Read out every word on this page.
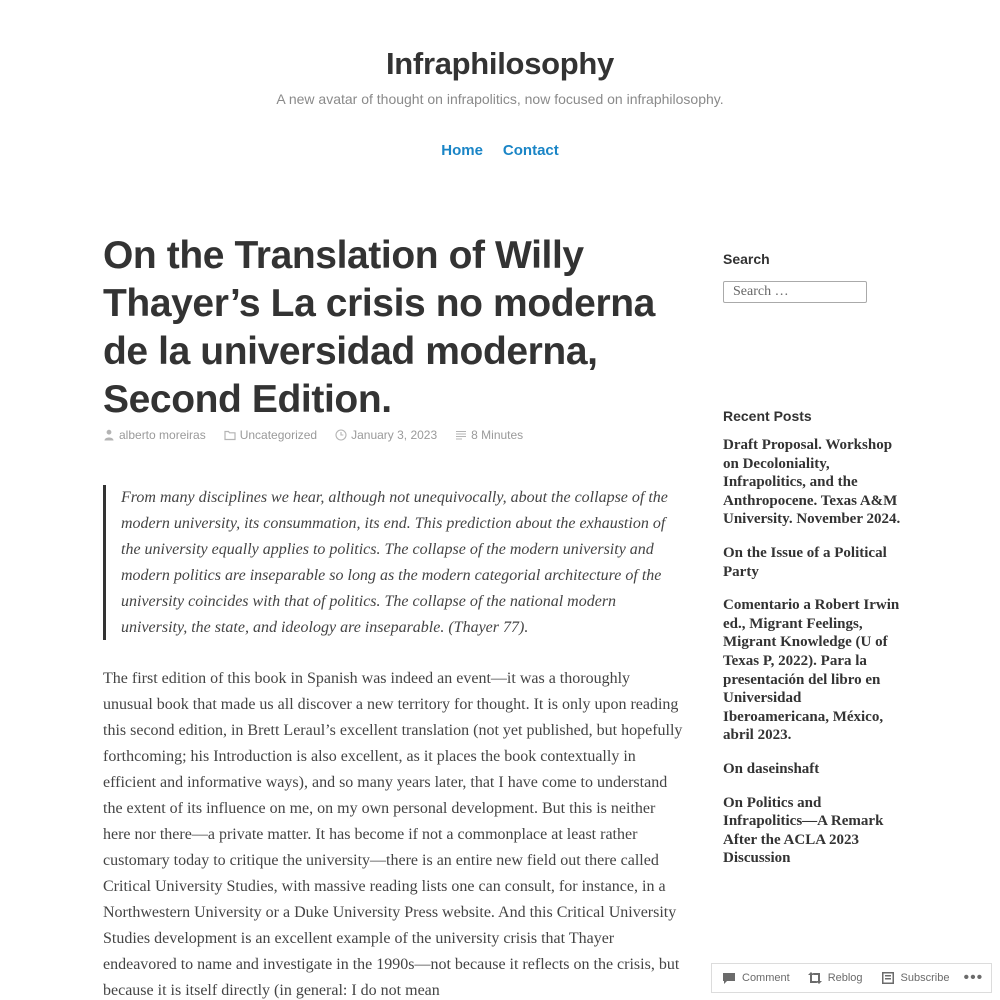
Infraphilosophy

A new avatar of thought on infrapolitics, now focused on infraphilosophy.

Home Contact
On the Translation of Willy Thayer’s La crisis no moderna de la universidad moderna, Second Edition.
alberto moreiras	Uncategorized	January 3, 2023	8 Minutes

From many disciplines we hear, although not unequivocally, about the collapse of the modern university, its consummation, its end. This prediction about the exhaustion of the university equally applies to politics. The collapse of the modern university and modern politics are inseparable so long as the modern categorial architecture of the university coincides with that of politics. The collapse of the national modern university, the state, and ideology are inseparable. (Thayer 77).

The first edition of this book in Spanish was indeed an event—it was a thoroughly unusual book that made us all discover a new territory for thought. It is only upon reading this second edition, in Brett Leraul’s excellent translation (not yet published, but hopefully forthcoming; his Introduction is also excellent, as it places the book contextually in efficient and informative ways), and so many years later, that I have come to understand the extent of its influence on me, on my own personal development. But this is neither here nor there—a private matter. It has become if not a commonplace at least rather customary today to critique the university—there is an entire new field out there called Critical University Studies, with massive reading lists one can consult, for instance, in a Northwestern University or a Duke University Press website. And this Critical University Studies development is an excellent example of the university crisis that Thayer endeavored to name and investigate in the 1990s—not because it reflects on the crisis, but because it is itself directly (in general: I do not mean

Search
Search …
Recent Posts
Draft Proposal. Workshop on Decoloniality, Infrapolitics, and the Anthropocene. Texas A&M University. November 2024.
On the Issue of a Political Party
Comentario a Robert Irwin ed., Migrant Feelings, Migrant Knowledge (U of Texas P, 2022). Para la presentación del libro en Universidad Iberoamericana, México, abril 2023.
On daseinshaft
On Politics and Infrapolitics—A Remark After the ACLA 2023 Discussion
Comment	Reblog	Subscribe •••
